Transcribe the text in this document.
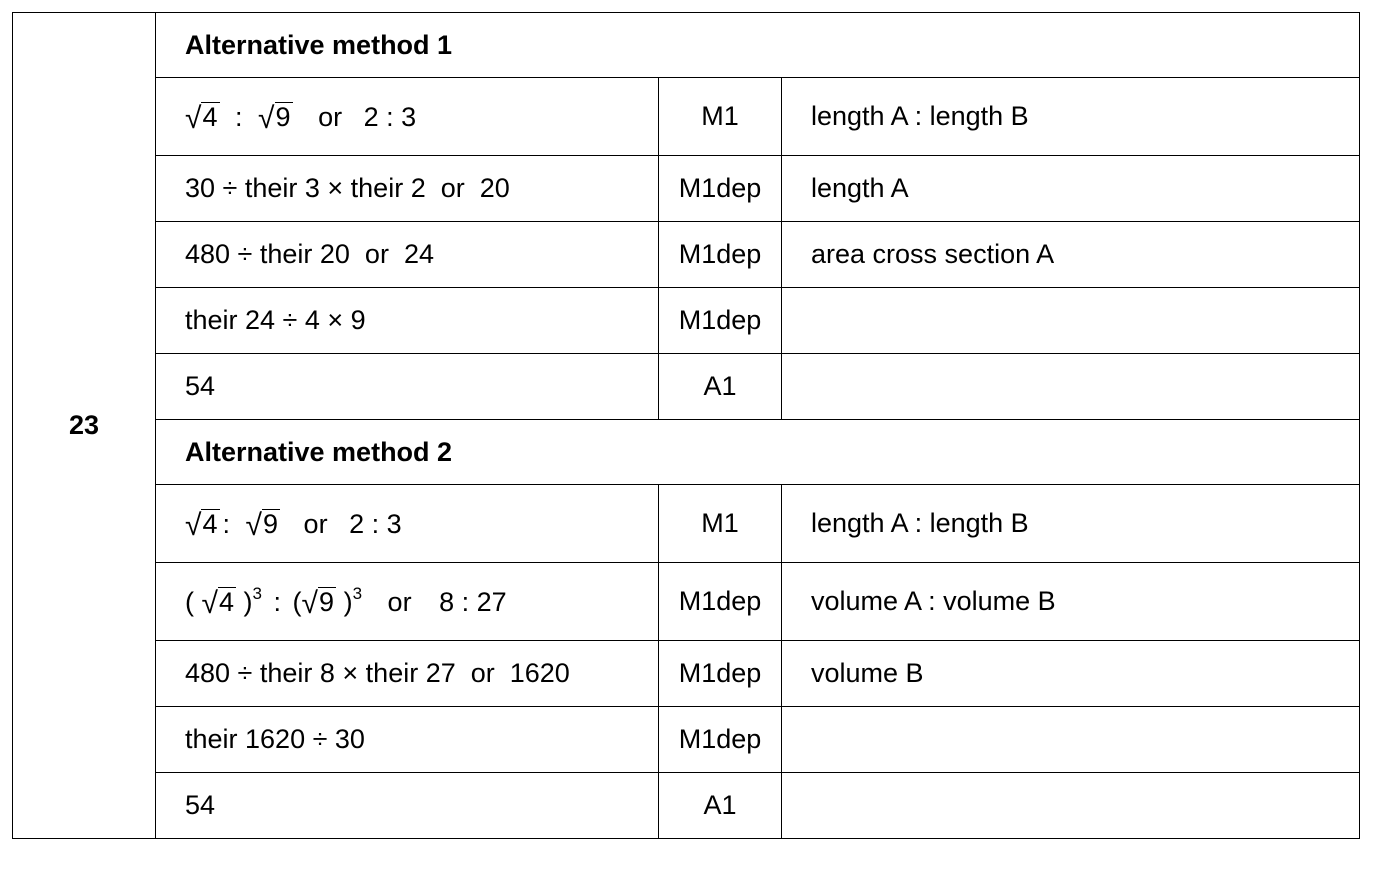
23	Alternative method 1		
	√4 : √9 or 2 : 3	M1	length A : length B
	30 ÷ their 3 × their 2  or  20	M1dep	length A
	480 ÷ their 20  or  24	M1dep	area cross section A
	their 24 ÷ 4 × 9	M1dep	
	54	A1	
	Alternative method 2		
	√4 : √9 or 2 : 3	M1	length A : length B
	( √4 )$^3$ : (√9 )$^3$ or 8 : 27	M1dep	volume A : volume B
	480 ÷ their 8 × their 27  or  1620	M1dep	volume B
	their 1620 ÷ 30	M1dep	
	54	A1	
